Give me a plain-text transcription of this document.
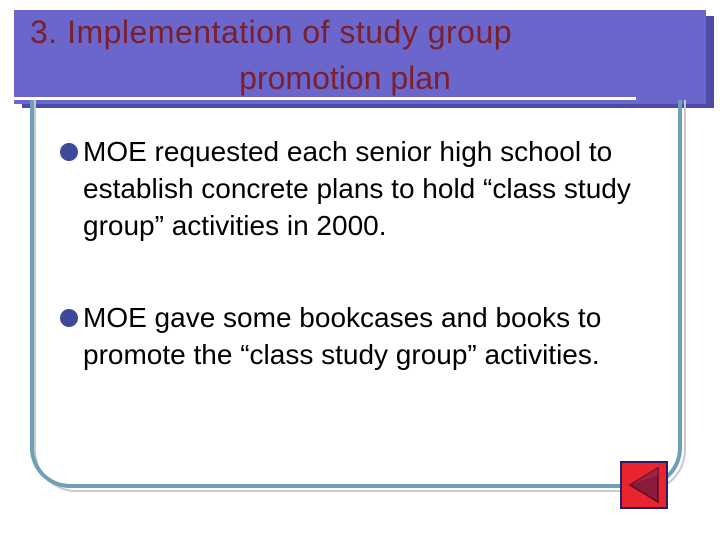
3. Implementation of study group
promotion plan
MOE requested each senior high school to establish concrete plans to hold “class study group” activities in 2000.
MOE gave some bookcases and books to promote the “class study group” activities.
